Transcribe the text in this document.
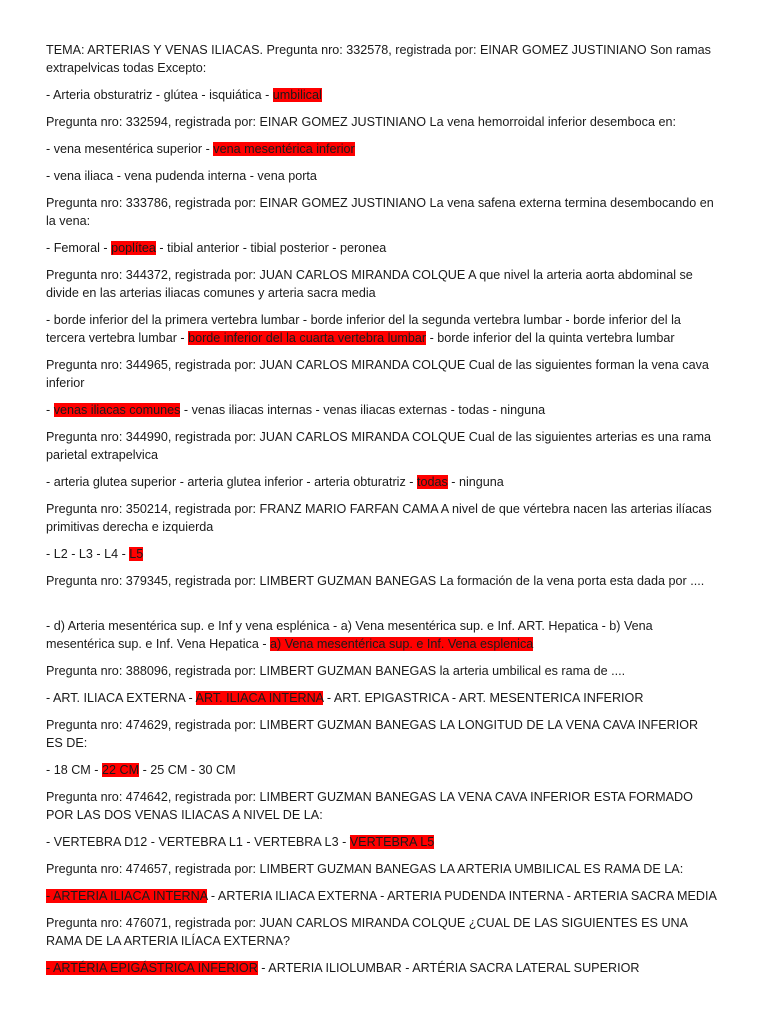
TEMA: ARTERIAS Y VENAS ILIACAS. Pregunta nro: 332578, registrada por: EINAR GOMEZ JUSTINIANO Son ramas extrapelvicas todas Excepto:

- Arteria obsturatriz - glútea - isquiática - umbilical

Pregunta nro: 332594, registrada por: EINAR GOMEZ JUSTINIANO La vena hemorroidal inferior desemboca en:

- vena mesentérica superior - vena mesentérica inferior

- vena iliaca - vena pudenda interna - vena porta

Pregunta nro: 333786, registrada por: EINAR GOMEZ JUSTINIANO La vena safena externa termina desembocando en la vena:

- Femoral - poplítea - tibial anterior - tibial posterior - peronea

Pregunta nro: 344372, registrada por: JUAN CARLOS MIRANDA COLQUE A que nivel la arteria aorta abdominal se divide en las arterias iliacas comunes y arteria sacra media

- borde inferior del la primera vertebra lumbar - borde inferior del la segunda vertebra lumbar - borde inferior del la tercera vertebra lumbar - borde inferior del la cuarta vertebra lumbar - borde inferior del la quinta vertebra lumbar

Pregunta nro: 344965, registrada por: JUAN CARLOS MIRANDA COLQUE Cual de las siguientes forman la vena cava inferior

- venas iliacas comunes - venas iliacas internas - venas iliacas externas - todas - ninguna

Pregunta nro: 344990, registrada por: JUAN CARLOS MIRANDA COLQUE Cual de las siguientes arterias es una rama parietal extrapelvica

- arteria glutea superior - arteria glutea inferior - arteria obturatriz - todas - ninguna

Pregunta nro: 350214, registrada por: FRANZ MARIO FARFAN CAMA A nivel de que vértebra nacen las arterias ilíacas primitivas derecha e izquierda

- L2 - L3 - L4 - L5

Pregunta nro: 379345, registrada por: LIMBERT GUZMAN BANEGAS La formación de la vena porta esta dada por ....

- d) Arteria mesentérica sup. e Inf y vena esplénica - a) Vena mesentérica sup. e Inf. ART. Hepatica - b) Vena mesentérica sup. e Inf. Vena Hepatica - a) Vena mesentérica sup. e Inf. Vena esplenica

Pregunta nro: 388096, registrada por: LIMBERT GUZMAN BANEGAS la arteria umbilical es rama de ....

- ART. ILIACA EXTERNA - ART. ILIACA INTERNA - ART. EPIGASTRICA - ART. MESENTERICA INFERIOR

Pregunta nro: 474629, registrada por: LIMBERT GUZMAN BANEGAS LA LONGITUD DE LA VENA CAVA INFERIOR ES DE:

- 18 CM - 22 CM - 25 CM - 30 CM

Pregunta nro: 474642, registrada por: LIMBERT GUZMAN BANEGAS LA VENA CAVA INFERIOR ESTA FORMADO POR LAS DOS VENAS ILIACAS A NIVEL DE LA:

- VERTEBRA D12 - VERTEBRA L1 - VERTEBRA L3 - VERTEBRA L5

Pregunta nro: 474657, registrada por: LIMBERT GUZMAN BANEGAS LA ARTERIA UMBILICAL ES RAMA DE LA:

- ARTERIA ILIACA INTERNA - ARTERIA ILIACA EXTERNA - ARTERIA PUDENDA INTERNA - ARTERIA SACRA MEDIA

Pregunta nro: 476071, registrada por: JUAN CARLOS MIRANDA COLQUE ¿CUAL DE LAS SIGUIENTES ES UNA RAMA DE LA ARTERIA ILÍACA EXTERNA?

- ARTÉRIA EPIGÁSTRICA INFERIOR - ARTERIA ILIOLUMBAR - ARTÉRIA SACRA LATERAL SUPERIOR
